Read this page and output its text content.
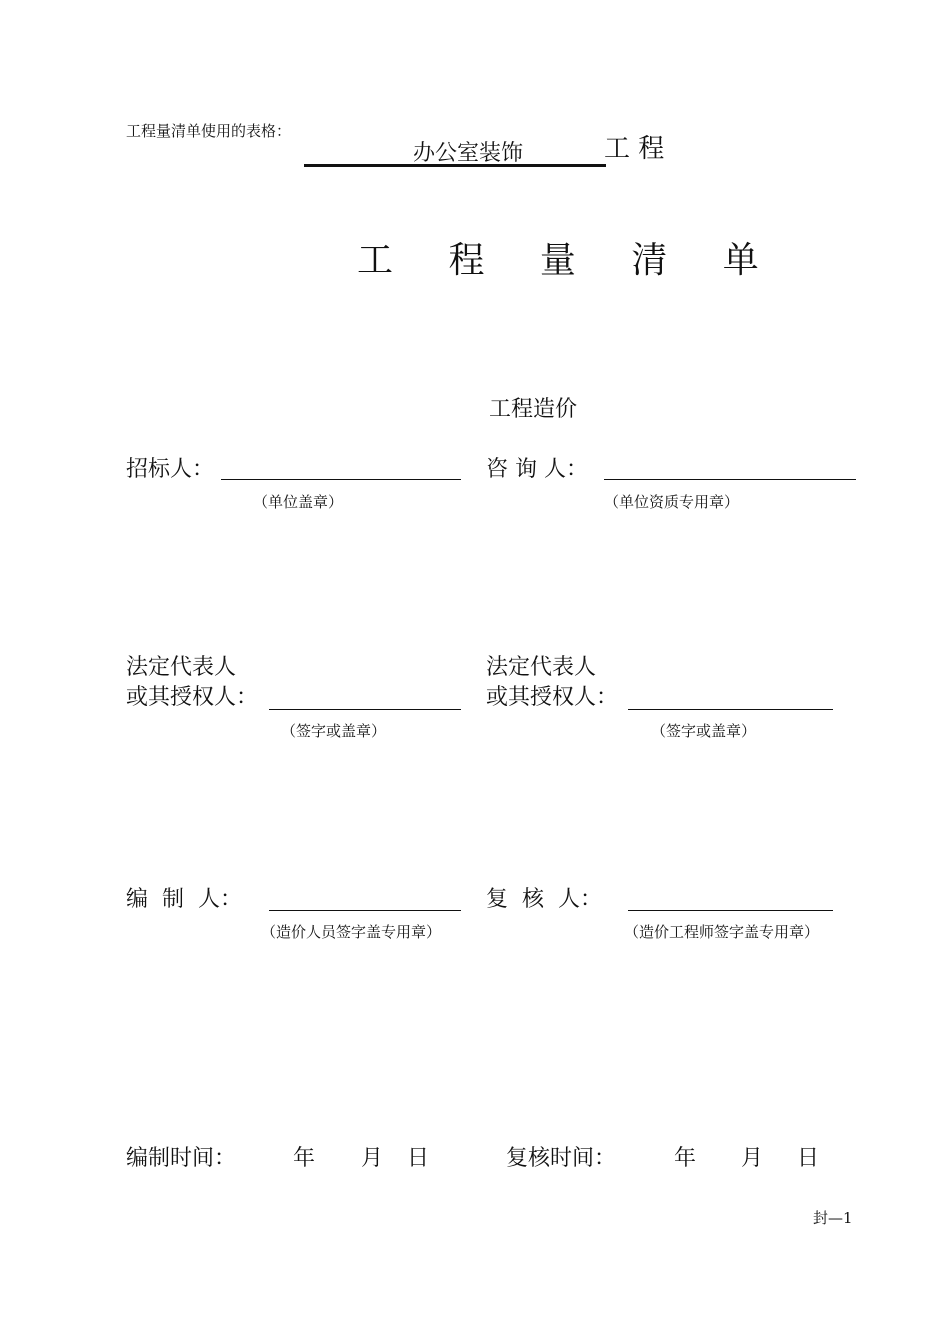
工程量清单使用的表格：
办公室装饰	工 程
工 程 量 清 单
工程造价
招标人：
（单位盖章）
咨 询 人：
（单位资质专用章）
法定代表人
或其授权人：
（签字或盖章）
法定代表人
或其授权人：
（签字或盖章）
编  制  人：
（造价人员签字盖专用章）
复  核  人：
（造价工程师签字盖专用章）
编制时间：	年 月 日	复核时间：	年 月 日
封—1
